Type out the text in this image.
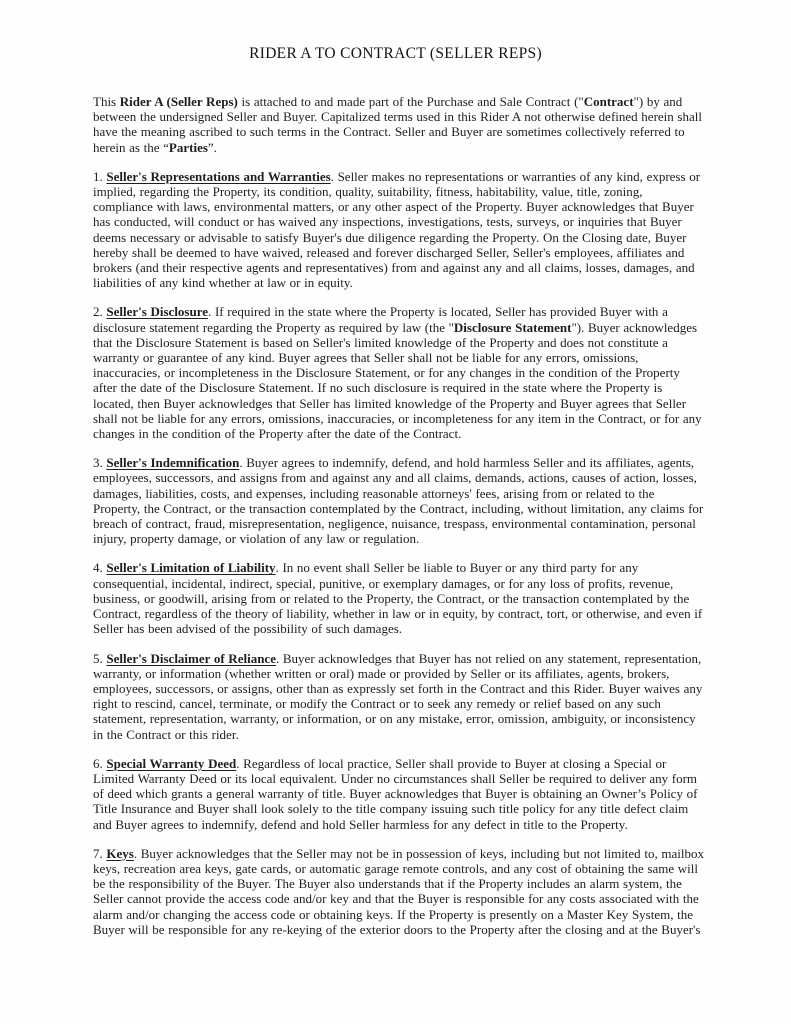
RIDER A TO CONTRACT (SELLER REPS)

This Rider A (Seller Reps) is attached to and made part of the Purchase and Sale Contract ("Contract") by and between the undersigned Seller and Buyer. Capitalized terms used in this Rider A not otherwise defined herein shall have the meaning ascribed to such terms in the Contract. Seller and Buyer are sometimes collectively referred to herein as the “Parties”.

1. Seller's Representations and Warranties. Seller makes no representations or warranties of any kind, express or implied, regarding the Property, its condition, quality, suitability, fitness, habitability, value, title, zoning, compliance with laws, environmental matters, or any other aspect of the Property. Buyer acknowledges that Buyer has conducted, will conduct or has waived any inspections, investigations, tests, surveys, or inquiries that Buyer deems necessary or advisable to satisfy Buyer's due diligence regarding the Property. On the Closing date, Buyer hereby shall be deemed to have waived, released and forever discharged Seller, Seller's employees, affiliates and brokers (and their respective agents and representatives) from and against any and all claims, losses, damages, and liabilities of any kind whether at law or in equity.

2. Seller's Disclosure. If required in the state where the Property is located, Seller has provided Buyer with a disclosure statement regarding the Property as required by law (the "Disclosure Statement"). Buyer acknowledges that the Disclosure Statement is based on Seller's limited knowledge of the Property and does not constitute a warranty or guarantee of any kind. Buyer agrees that Seller shall not be liable for any errors, omissions, inaccuracies, or incompleteness in the Disclosure Statement, or for any changes in the condition of the Property after the date of the Disclosure Statement. If no such disclosure is required in the state where the Property is located, then Buyer acknowledges that Seller has limited knowledge of the Property and Buyer agrees that Seller shall not be liable for any errors, omissions, inaccuracies, or incompleteness for any item in the Contract, or for any changes in the condition of the Property after the date of the Contract.

3. Seller's Indemnification. Buyer agrees to indemnify, defend, and hold harmless Seller and its affiliates, agents, employees, successors, and assigns from and against any and all claims, demands, actions, causes of action, losses, damages, liabilities, costs, and expenses, including reasonable attorneys' fees, arising from or related to the Property, the Contract, or the transaction contemplated by the Contract, including, without limitation, any claims for breach of contract, fraud, misrepresentation, negligence, nuisance, trespass, environmental contamination, personal injury, property damage, or violation of any law or regulation.

4. Seller's Limitation of Liability. In no event shall Seller be liable to Buyer or any third party for any consequential, incidental, indirect, special, punitive, or exemplary damages, or for any loss of profits, revenue, business, or goodwill, arising from or related to the Property, the Contract, or the transaction contemplated by the Contract, regardless of the theory of liability, whether in law or in equity, by contract, tort, or otherwise, and even if Seller has been advised of the possibility of such damages.

5. Seller's Disclaimer of Reliance. Buyer acknowledges that Buyer has not relied on any statement, representation, warranty, or information (whether written or oral) made or provided by Seller or its affiliates, agents, brokers, employees, successors, or assigns, other than as expressly set forth in the Contract and this Rider. Buyer waives any right to rescind, cancel, terminate, or modify the Contract or to seek any remedy or relief based on any such statement, representation, warranty, or information, or on any mistake, error, omission, ambiguity, or inconsistency in the Contract or this rider.

6. Special Warranty Deed. Regardless of local practice, Seller shall provide to Buyer at closing a Special or Limited Warranty Deed or its local equivalent. Under no circumstances shall Seller be required to deliver any form of deed which grants a general warranty of title. Buyer acknowledges that Buyer is obtaining an Owner’s Policy of Title Insurance and Buyer shall look solely to the title company issuing such title policy for any title defect claim and Buyer agrees to indemnify, defend and hold Seller harmless for any defect in title to the Property.

7. Keys. Buyer acknowledges that the Seller may not be in possession of keys, including but not limited to, mailbox keys, recreation area keys, gate cards, or automatic garage remote controls, and any cost of obtaining the same will be the responsibility of the Buyer. The Buyer also understands that if the Property includes an alarm system, the Seller cannot provide the access code and/or key and that the Buyer is responsible for any costs associated with the alarm and/or changing the access code or obtaining keys. If the Property is presently on a Master Key System, the Buyer will be responsible for any re-keying of the exterior doors to the Property after the closing and at the Buyer's
